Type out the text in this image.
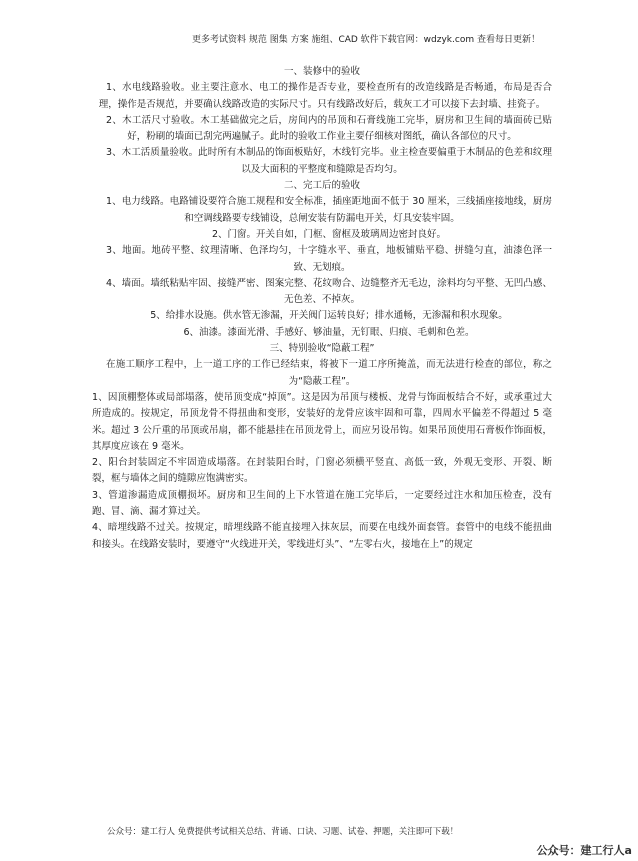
更多考试资料 规范 图集 方案 施组、CAD 软件下载官网：wdzyk.com 查看每日更新！
一、装修中的验收

1、水电线路验收。业主要注意水、电工的操作是否专业，要检查所有的改造线路是否畅通，布局是否合理，操作是否规范，并要确认线路改造的实际尺寸。只有线路改好后，载灰工才可以接下去封墙、挂瓷子。

2、木工活尺寸验收。木工基础做完之后，房间内的吊顶和石膏线施工完毕，厨房和卫生间的墙面砖已贴好，粉刷的墙面已刮完两遍腻子。此时的验收工作业主要仔细核对图纸，确认各部位的尺寸。

3、木工活质量验收。此时所有木制品的饰面板贴好，木线钉完毕。业主检查要偏重于木制品的色差和纹理以及大面积的平整度和缝隙是否均匀。

二、完工后的验收

1、电力线路。电路铺设要符合施工规程和安全标准，插座距地面不低于 30 厘米，三线插座接地线，厨房和空调线路要专线铺设，总闸安装有防漏电开关，灯具安装牢固。

2、门窗。开关自如，门框、窗框及玻璃周边密封良好。

3、地面。地砖平整、纹理清晰、色泽均匀，十字缝水平、垂直，地板铺贴平稳、拼缝匀直，油漆色泽一致、无划痕。

4、墙面。墙纸粘贴牢固、接缝严密、图案完整、花纹吻合、边缝整齐无毛边，涂料均匀平整、无凹凸感、无色差、不掉灰。

5、给排水设施。供水管无渗漏，开关阀门运转良好；排水通畅，无渗漏和积水现象。

6、油漆。漆面光滑、手感好、够油量，无钉眼、归痕、毛刺和色差。

三、特别验收“隐蔽工程”

在施工顺序工程中，上一道工序的工作已经结束，将被下一道工序所掩盖，而无法进行检查的部位，称之为“隐蔽工程”。

1、因顶棚整体或局部塌落，使吊顶变成“掉顶”。这是因为吊顶与楼板、龙骨与饰面板结合不好，或承重过大所造成的。按规定，吊顶龙骨不得扭曲和变形，安装好的龙骨应该牢固和可靠，四周水平偏差不得超过 5 毫米。超过 3 公斤重的吊顶或吊扇，都不能悬挂在吊顶龙骨上，而应另设吊钩。如果吊顶使用石膏板作饰面板，其厚度应该在 9 毫米。

2、阳台封装固定不牢固造成塌落。在封装阳台时，门窗必须横平竖直、高低一致，外观无变形、开裂、断裂，框与墙体之间的缝隙应饱满密实。

3、管道渗漏造成顶棚损坏。厨房和卫生间的上下水管道在施工完毕后，一定要经过注水和加压检查，没有跑、冒、滴、漏才算过关。

4、暗埋线路不过关。按规定，暗埋线路不能直接埋入抹灰层，而要在电线外面套管。套管中的电线不能扭曲和接头。在线路安装时，要遵守“火线进开关，零线进灯头”、“左零右火，接地在上”的规定

公众号：建工行人 免费提供考试相关总结、背诵、口诀、习题、试卷、押题，关注即可下载！
公众号：建工行人a
